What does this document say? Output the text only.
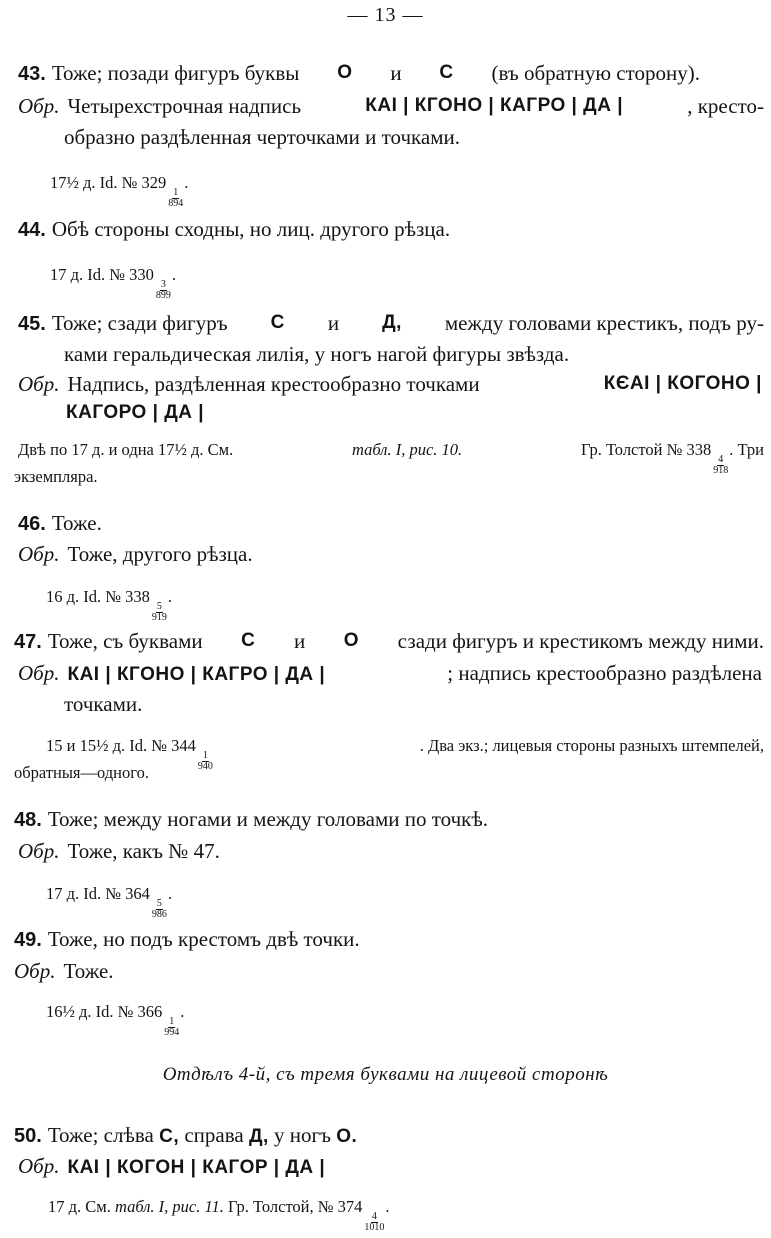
— 13 —
43. Тоже; позади фигуръ буквы О и С (въ обратную сторону).
Обр. Четырехстрочная надпись	КАІ | КГОНО | КАГРО | ДА |	, кресто-
образно раздѣленная черточками и точками.
17½ д. Id. № 329
$\frac{1}{894}$
.
44. Обѣ стороны сходны, но лиц. другого рѣзца.
17 д. Id. № 330
$\frac{3}{899}$
.
45. Тоже; сзади фигуръ С и Д, между головами крестикъ, подъ ру-
ками геральдическая лилія, у ногъ нагой фигуры звѣзда.
Обр. Надпись, раздѣленная крестообразно точками	КЄАІ | КОГОНО |
КАГОРО | ДА |
Двѣ по 17 д. и одна 17½ д. См.	табл. I, рис. 10.	Гр. Толстой № 338
$\frac{4}{918}$
. Три
экземпляра.
46. Тоже.
Обр. Тоже, другого рѣзца.
16 д. Id. № 338
$\frac{5}{919}$
.
47. Тоже, съ буквами С и О сзади фигуръ и крестикомъ между ними.
Обр. КАІ | КГОНО | КАГРО | ДА |	; надпись крестообразно раздѣлена
точками.
15 и 15½ д. Id. № 344
$\frac{1}{940}$
. Два экз.; лицевыя стороны разныхъ штемпелей,
обратныя—одного.
48. Тоже; между ногами и между головами по точкѣ.
Обр. Тоже, какъ № 47.
17 д. Id. № 364
$\frac{5}{986}$
.
49. Тоже, но подъ крестомъ двѣ точки.
Обр. Тоже.
16½ д. Id. № 366
$\frac{1}{994}$
.
Отдѣлъ 4-й, съ тремя буквами на лицевой сторонѣ
50. Тоже; слѣва С, справа Д, у ногъ О.
Обр. КАІ | КОГОН | КАГОР | ДА |
17 д. См. табл. I, рис. 11. Гр. Толстой, № 374
$\frac{4}{1010}$
.
